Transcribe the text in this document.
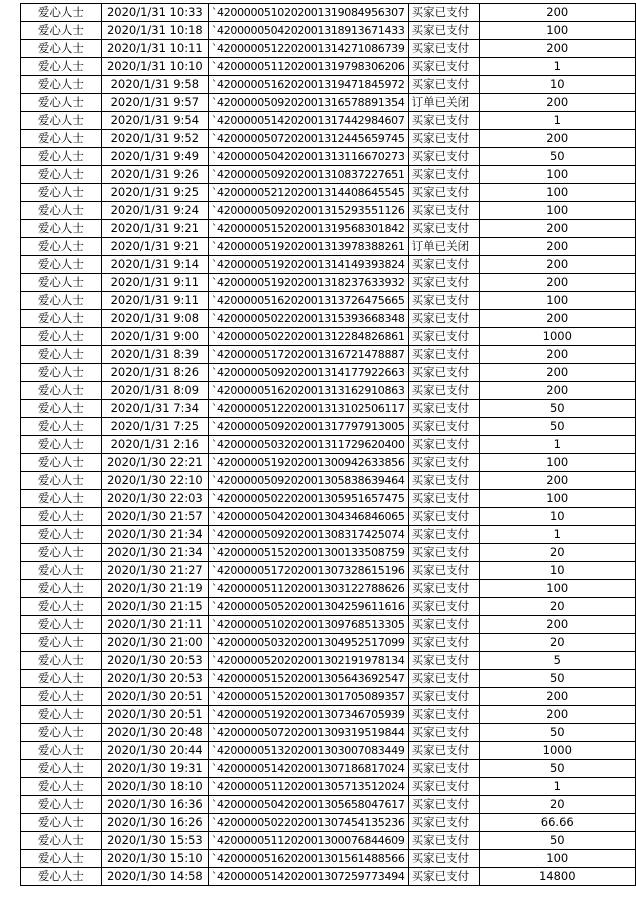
爱心人士	2020/1/31 10:33	`4200000510202001319084956307	买家已支付	200
爱心人士	2020/1/31 10:18	`4200000504202001318913671433	买家已支付	100
爱心人士	2020/1/31 10:11	`4200000512202001314271086739	买家已支付	200
爱心人士	2020/1/31 10:10	`4200000511202001319798306206	买家已支付	1
爱心人士	2020/1/31 9:58	`4200000516202001319471845972	买家已支付	10
爱心人士	2020/1/31 9:57	`4200000509202001316578891354	订单已关闭	200
爱心人士	2020/1/31 9:54	`4200000514202001317442984607	买家已支付	1
爱心人士	2020/1/31 9:52	`4200000507202001312445659745	买家已支付	200
爱心人士	2020/1/31 9:49	`4200000504202001313116670273	买家已支付	50
爱心人士	2020/1/31 9:26	`4200000509202001310837227651	买家已支付	100
爱心人士	2020/1/31 9:25	`4200000521202001314408645545	买家已支付	100
爱心人士	2020/1/31 9:24	`4200000509202001315293551126	买家已支付	100
爱心人士	2020/1/31 9:21	`4200000515202001319568301842	买家已支付	200
爱心人士	2020/1/31 9:21	`4200000519202001313978388261	订单已关闭	200
爱心人士	2020/1/31 9:14	`4200000519202001314149393824	买家已支付	200
爱心人士	2020/1/31 9:11	`4200000519202001318237633932	买家已支付	200
爱心人士	2020/1/31 9:11	`4200000516202001313726475665	买家已支付	100
爱心人士	2020/1/31 9:08	`4200000502202001315393668348	买家已支付	200
爱心人士	2020/1/31 9:00	`4200000502202001312284826861	买家已支付	1000
爱心人士	2020/1/31 8:39	`4200000517202001316721478887	买家已支付	200
爱心人士	2020/1/31 8:26	`4200000509202001314177922663	买家已支付	200
爱心人士	2020/1/31 8:09	`4200000516202001313162910863	买家已支付	200
爱心人士	2020/1/31 7:34	`4200000512202001313102506117	买家已支付	50
爱心人士	2020/1/31 7:25	`4200000509202001317797913005	买家已支付	50
爱心人士	2020/1/31 2:16	`4200000503202001311729620400	买家已支付	1
爱心人士	2020/1/30 22:21	`4200000519202001300942633856	买家已支付	100
爱心人士	2020/1/30 22:10	`4200000509202001305838639464	买家已支付	200
爱心人士	2020/1/30 22:03	`4200000502202001305951657475	买家已支付	100
爱心人士	2020/1/30 21:57	`4200000504202001304346846065	买家已支付	10
爱心人士	2020/1/30 21:34	`4200000509202001308317425074	买家已支付	1
爱心人士	2020/1/30 21:34	`4200000515202001300133508759	买家已支付	20
爱心人士	2020/1/30 21:27	`4200000517202001307328615196	买家已支付	10
爱心人士	2020/1/30 21:19	`4200000511202001303122788626	买家已支付	100
爱心人士	2020/1/30 21:15	`4200000505202001304259611616	买家已支付	20
爱心人士	2020/1/30 21:11	`4200000510202001309768513305	买家已支付	200
爱心人士	2020/1/30 21:00	`4200000503202001304952517099	买家已支付	20
爱心人士	2020/1/30 20:53	`4200000520202001302191978134	买家已支付	5
爱心人士	2020/1/30 20:53	`4200000515202001305643692547	买家已支付	50
爱心人士	2020/1/30 20:51	`4200000515202001301705089357	买家已支付	200
爱心人士	2020/1/30 20:51	`4200000519202001307346705939	买家已支付	200
爱心人士	2020/1/30 20:48	`4200000507202001309319519844	买家已支付	50
爱心人士	2020/1/30 20:44	`4200000513202001303007083449	买家已支付	1000
爱心人士	2020/1/30 19:31	`4200000514202001307186817024	买家已支付	50
爱心人士	2020/1/30 18:10	`4200000511202001305713512024	买家已支付	1
爱心人士	2020/1/30 16:36	`4200000504202001305658047617	买家已支付	20
爱心人士	2020/1/30 16:26	`4200000502202001307454135236	买家已支付	66.66
爱心人士	2020/1/30 15:53	`4200000511202001300076844609	买家已支付	50
爱心人士	2020/1/30 15:10	`4200000516202001301561488566	买家已支付	100
爱心人士	2020/1/30 14:58	`4200000514202001307259773494	买家已支付	14800
